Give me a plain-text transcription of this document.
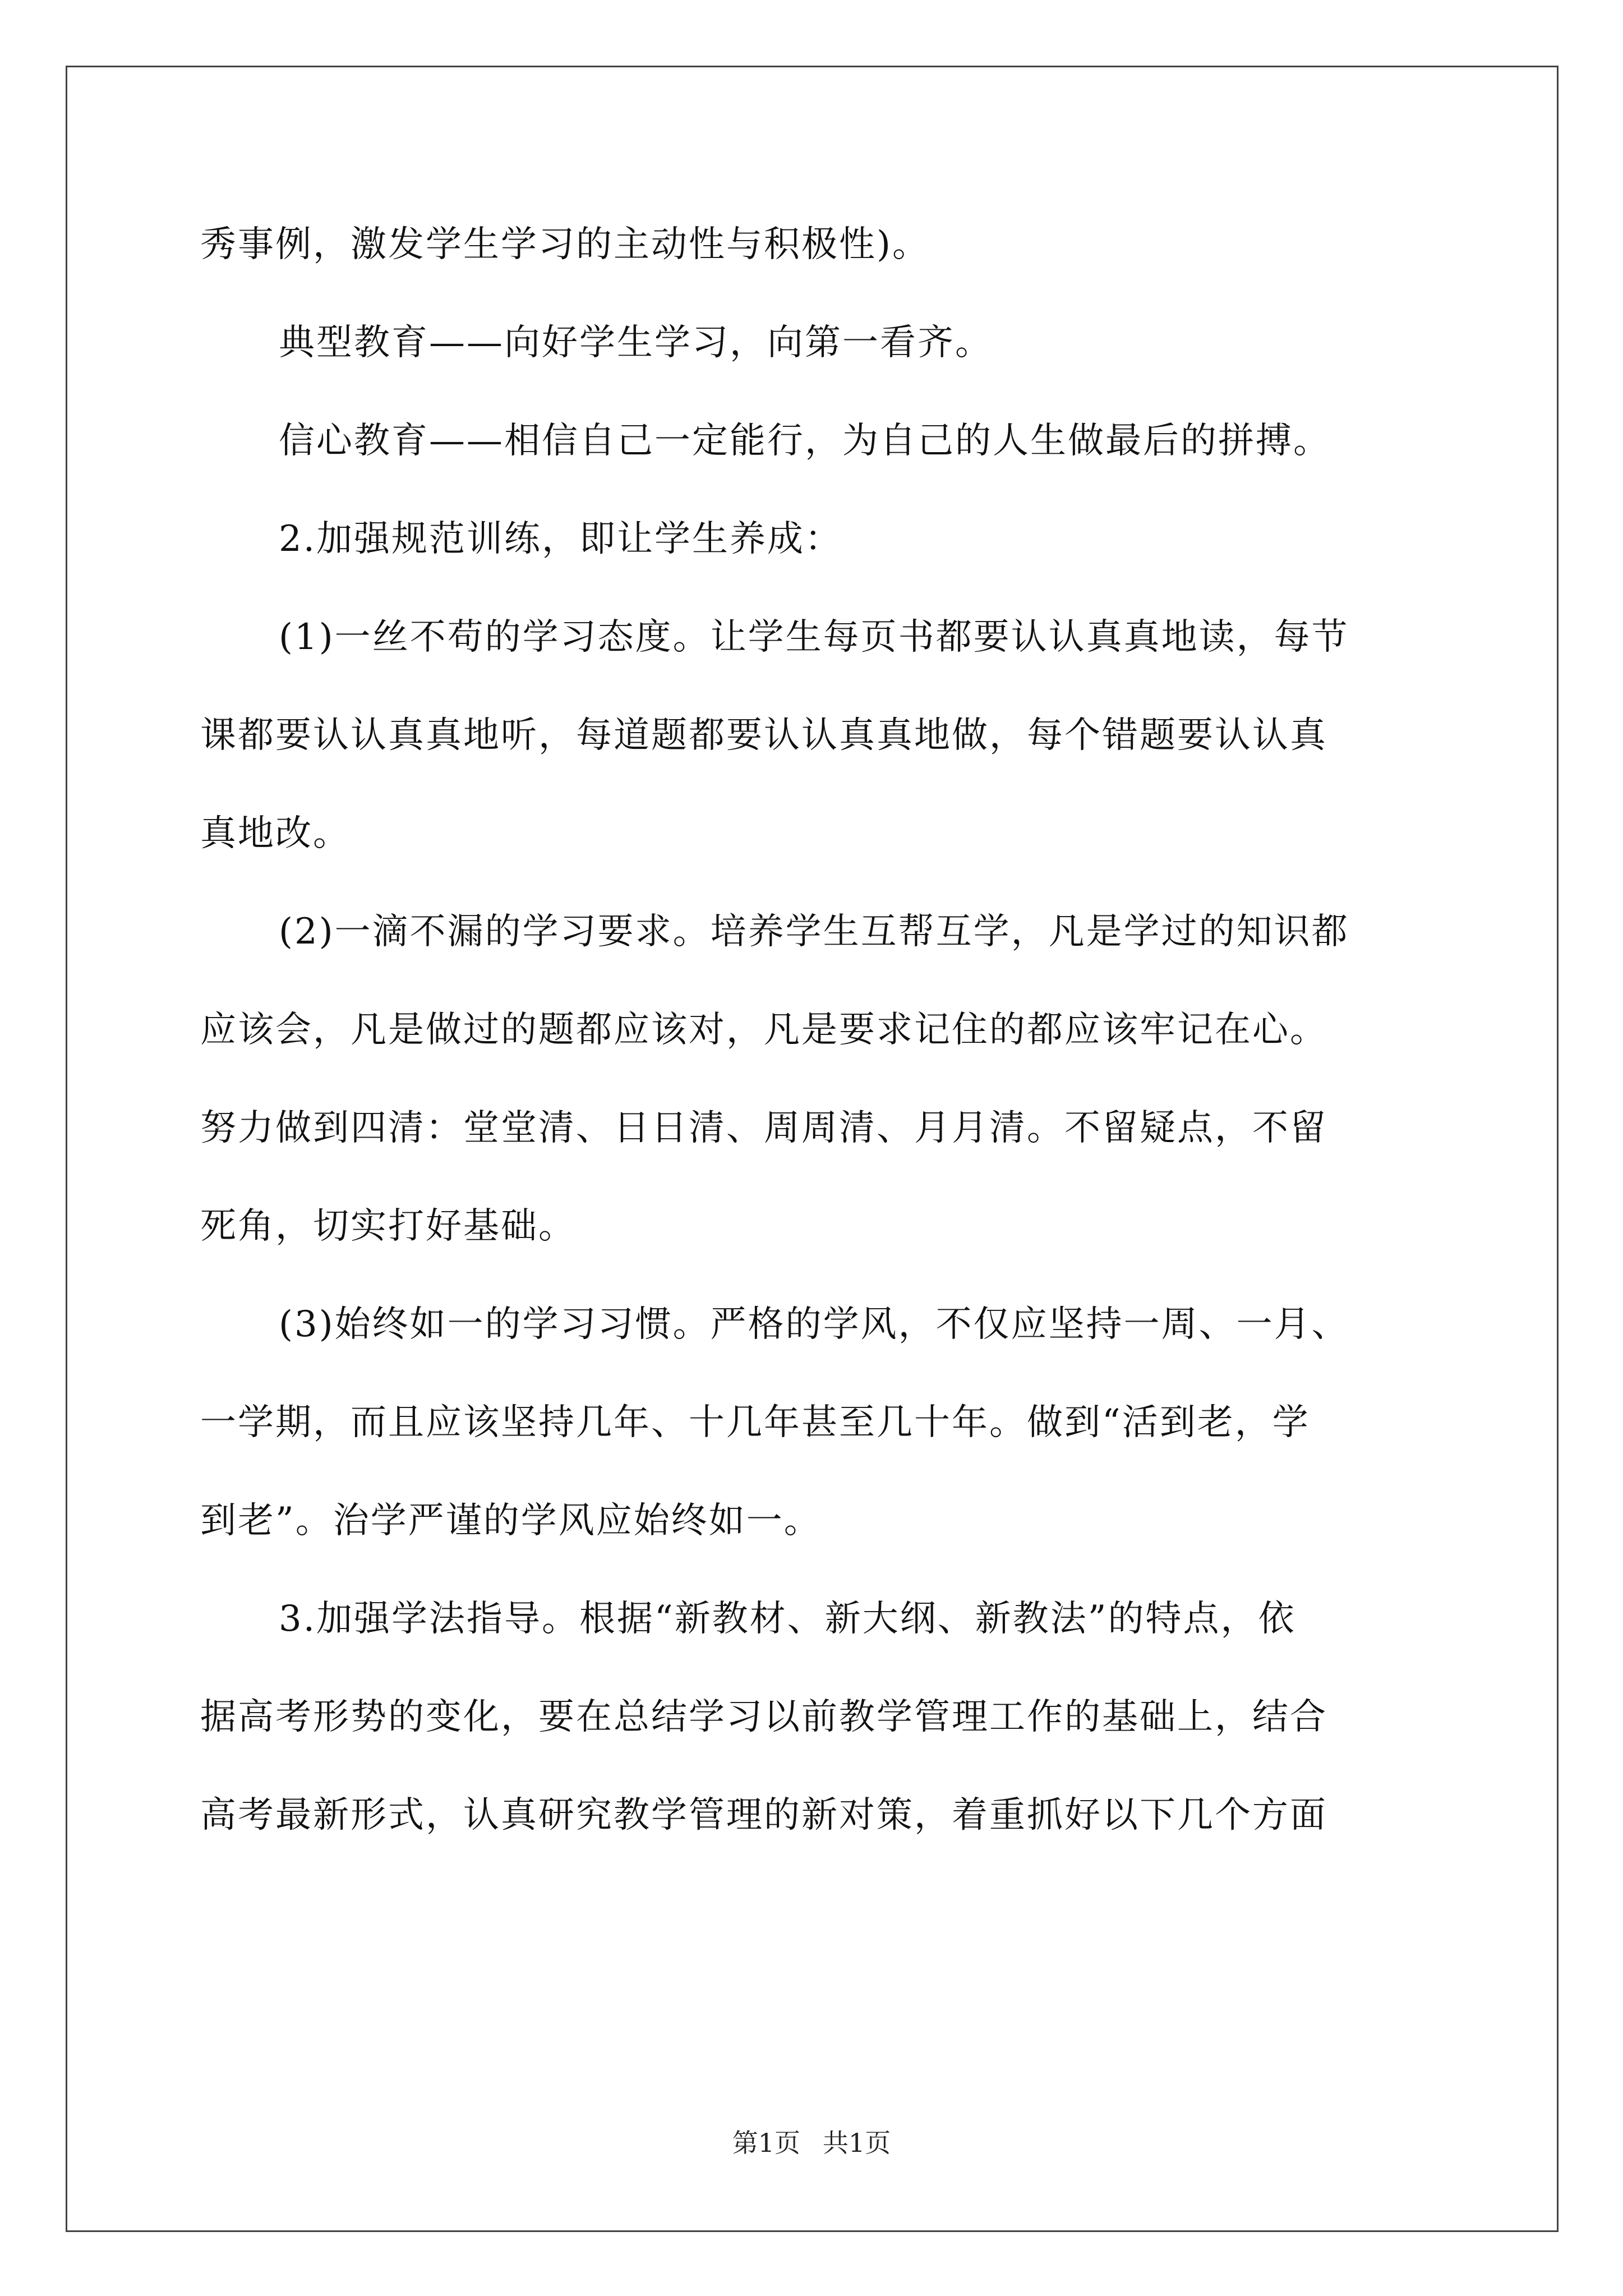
秀事例，激发学生学习的主动性与积极性)。

典型教育——向好学生学习，向第一看齐。

信心教育——相信自己一定能行，为自己的人生做最后的拼搏。

2.加强规范训练，即让学生养成：

(1)一丝不苟的学习态度。让学生每页书都要认认真真地读，每节

课都要认认真真地听，每道题都要认认真真地做，每个错题要认认真

真地改。

(2)一滴不漏的学习要求。培养学生互帮互学，凡是学过的知识都

应该会，凡是做过的题都应该对，凡是要求记住的都应该牢记在心。

努力做到四清：堂堂清、日日清、周周清、月月清。不留疑点，不留

死角，切实打好基础。

(3)始终如一的学习习惯。严格的学风，不仅应坚持一周、一月、

一学期，而且应该坚持几年、十几年甚至几十年。做到“活到老，学

到老”。治学严谨的学风应始终如一。

3.加强学法指导。根据“新教材、新大纲、新教法”的特点，依

据高考形势的变化，要在总结学习以前教学管理工作的基础上，结合

高考最新形式，认真研究教学管理的新对策，着重抓好以下几个方面

第1页 共1页
